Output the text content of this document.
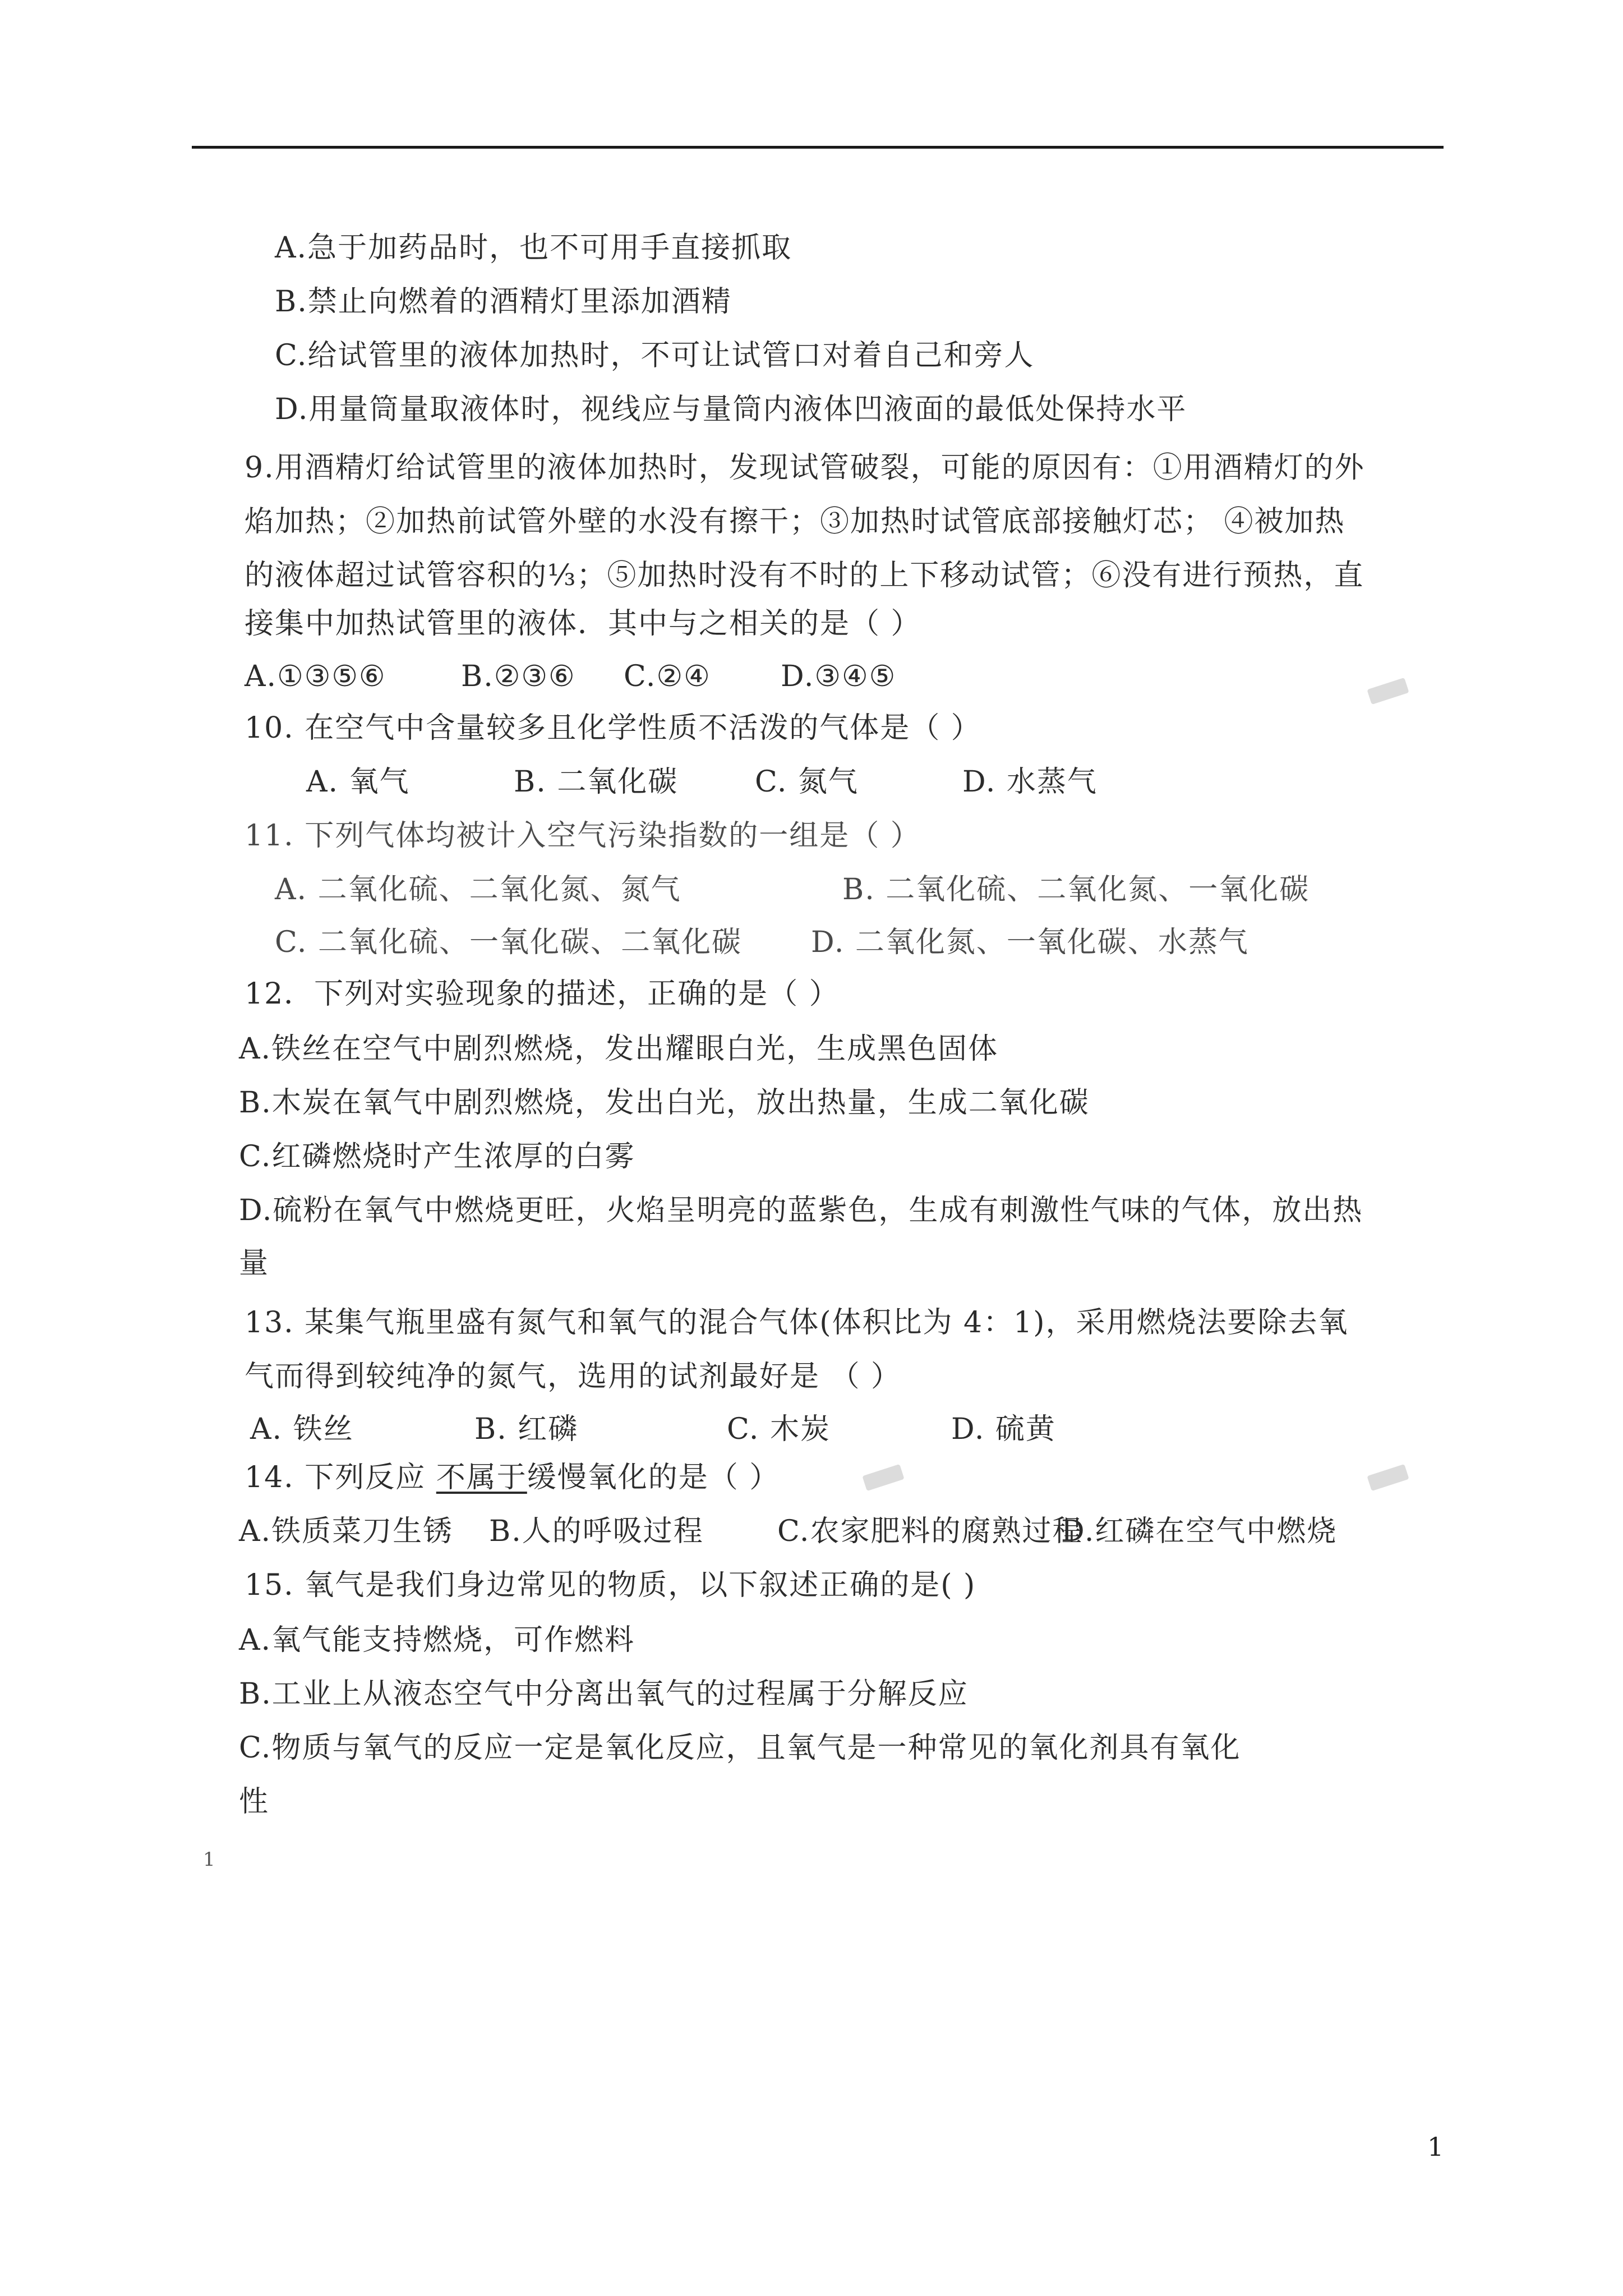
A.急于加药品时，也不可用手直接抓取
B.禁止向燃着的酒精灯里添加酒精
C.给试管里的液体加热时，不可让试管口对着自己和旁人
D.用量筒量取液体时，视线应与量筒内液体凹液面的最低处保持水平
9.用酒精灯给试管里的液体加热时，发现试管破裂，可能的原因有：①用酒精灯的外
焰加热；②加热前试管外壁的水没有擦干；③加热时试管底部接触灯芯； ④被加热
的液体超过试管容积的⅓；⑤加热时没有不时的上下移动试管；⑥没有进行预热，直
接集中加热试管里的液体．其中与之相关的是（ ）
A.①③⑤⑥	B.②③⑥ C.②④ D.③④⑤
10. 在空气中含量较多且化学性质不活泼的气体是（ ）
A. 氧气	B. 二氧化碳	C. 氮气	D. 水蒸气
11. 下列气体均被计入空气污染指数的一组是（ ）
A. 二氧化硫、二氧化氮、氮气	B. 二氧化硫、二氧化氮、一氧化碳
C. 二氧化硫、一氧化碳、二氧化碳 D. 二氧化氮、一氧化碳、水蒸气
12．下列对实验现象的描述，正确的是（ ）
A.铁丝在空气中剧烈燃烧，发出耀眼白光，生成黑色固体
B.木炭在氧气中剧烈燃烧，发出白光，放出热量，生成二氧化碳
C.红磷燃烧时产生浓厚的白雾
D.硫粉在氧气中燃烧更旺，火焰呈明亮的蓝紫色，生成有刺激性气味的气体，放出热
量
13. 某集气瓶里盛有氮气和氧气的混合气体(体积比为 4：1)，采用燃烧法要除去氧
气而得到较纯净的氮气，选用的试剂最好是 （ ）
A. 铁丝	B. 红磷	C. 木炭	D. 硫黄
14. 下列反应 不属于缓慢氧化的是（ ）
A.铁质菜刀生锈 B.人的呼吸过程	C.农家肥料的腐熟过程
D.红磷在空气中燃烧
15. 氧气是我们身边常见的物质，以下叙述正确的是( )
A.氧气能支持燃烧，可作燃料
B.工业上从液态空气中分离出氧气的过程属于分解反应
C.物质与氧气的反应一定是氧化反应，且氧气是一种常见的氧化剂具有氧化
性
1
1
